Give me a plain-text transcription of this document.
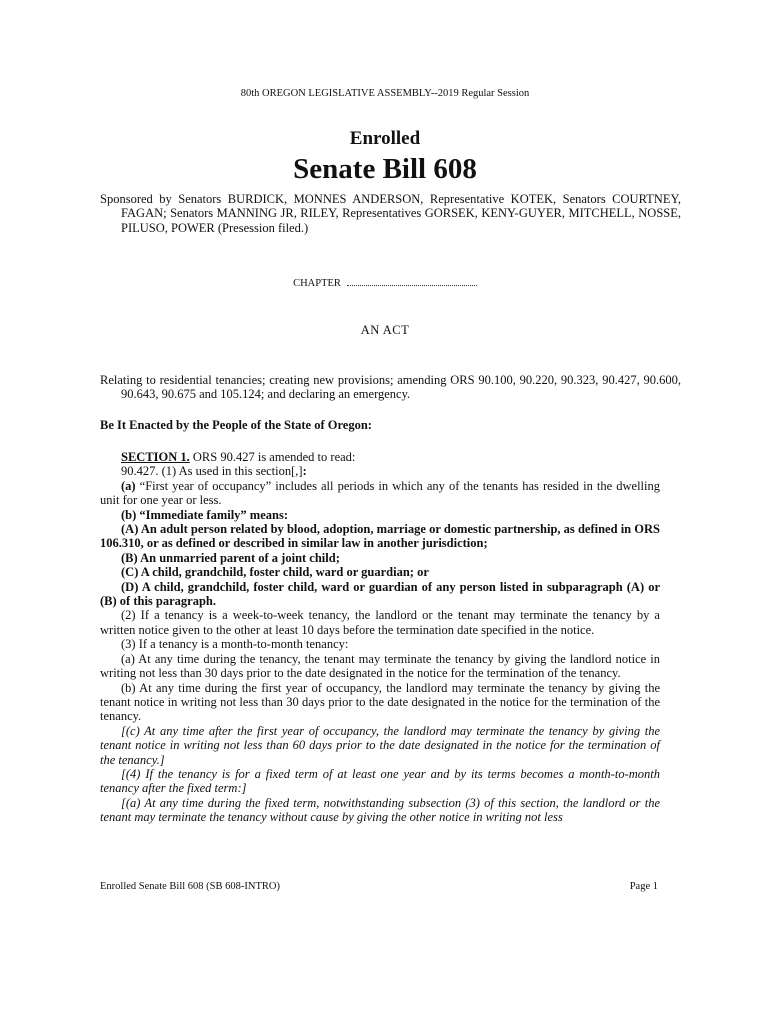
80th OREGON LEGISLATIVE ASSEMBLY--2019 Regular Session
Enrolled
Senate Bill 608
Sponsored by Senators BURDICK, MONNES ANDERSON, Representative KOTEK, Senators COURTNEY, FAGAN; Senators MANNING JR, RILEY, Representatives GORSEK, KENY-GUYER, MITCHELL, NOSSE, PILUSO, POWER (Presession filed.)
CHAPTER
AN ACT
Relating to residential tenancies; creating new provisions; amending ORS 90.100, 90.220, 90.323, 90.427, 90.600, 90.643, 90.675 and 105.124; and declaring an emergency.
Be It Enacted by the People of the State of Oregon:
SECTION 1. ORS 90.427 is amended to read:
90.427. (1) As used in this section[,]:
(a) “First year of occupancy” includes all periods in which any of the tenants has resided in the dwelling unit for one year or less.
(b) “Immediate family” means:
(A) An adult person related by blood, adoption, marriage or domestic partnership, as defined in ORS 106.310, or as defined or described in similar law in another jurisdiction;
(B) An unmarried parent of a joint child;
(C) A child, grandchild, foster child, ward or guardian; or
(D) A child, grandchild, foster child, ward or guardian of any person listed in subparagraph (A) or (B) of this paragraph.
(2) If a tenancy is a week-to-week tenancy, the landlord or the tenant may terminate the tenancy by a written notice given to the other at least 10 days before the termination date specified in the notice.
(3) If a tenancy is a month-to-month tenancy:
(a) At any time during the tenancy, the tenant may terminate the tenancy by giving the landlord notice in writing not less than 30 days prior to the date designated in the notice for the termination of the tenancy.
(b) At any time during the first year of occupancy, the landlord may terminate the tenancy by giving the tenant notice in writing not less than 30 days prior to the date designated in the notice for the termination of the tenancy.
[(c) At any time after the first year of occupancy, the landlord may terminate the tenancy by giving the tenant notice in writing not less than 60 days prior to the date designated in the notice for the termination of the tenancy.]
[(4) If the tenancy is for a fixed term of at least one year and by its terms becomes a month-to-month tenancy after the fixed term:]
[(a) At any time during the fixed term, notwithstanding subsection (3) of this section, the landlord or the tenant may terminate the tenancy without cause by giving the other notice in writing not less
Enrolled Senate Bill 608 (SB 608-INTRO)	Page 1
